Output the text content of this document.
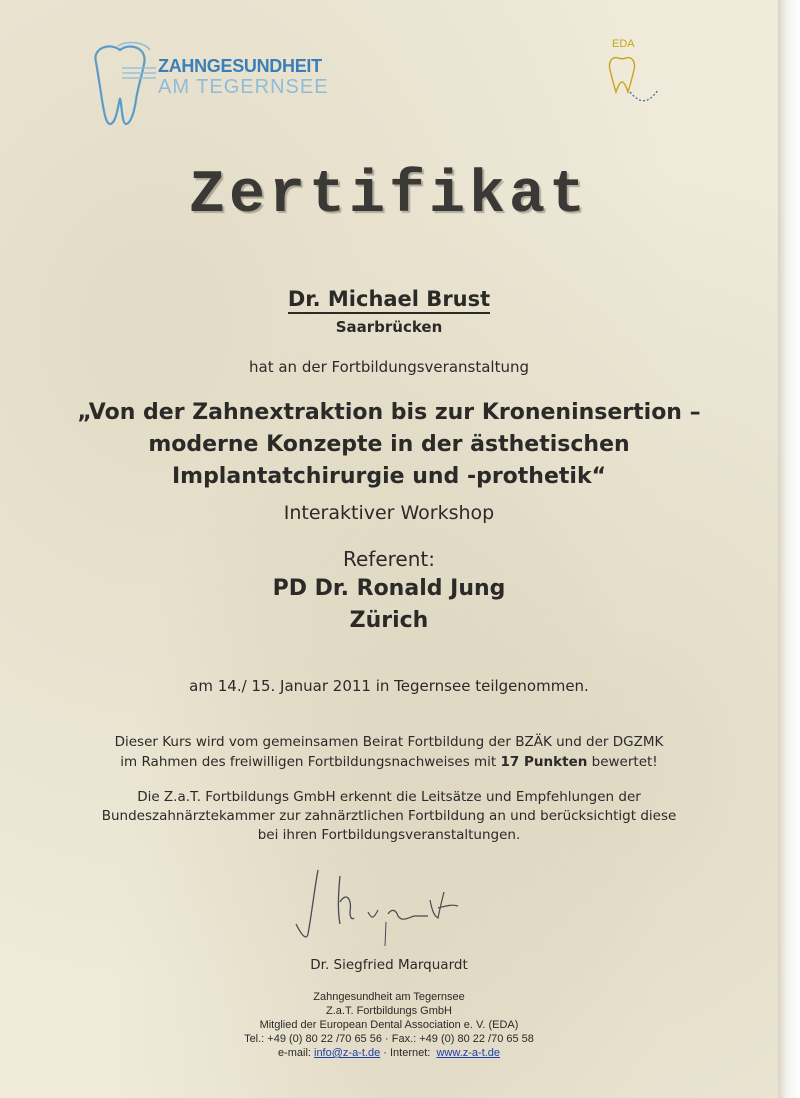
ZAHNGESUNDHEIT
AM TEGERNSEE
EDA
Zertifikat
Dr. Michael Brust
Saarbrücken
hat an der Fortbildungsveranstaltung
„Von der Zahnextraktion bis zur Kroneninsertion –
moderne Konzepte in der ästhetischen
Implantatchirurgie und -prothetik“
Interaktiver Workshop
Referent:
PD Dr. Ronald Jung
Zürich
am 14./ 15. Januar 2011 in Tegernsee teilgenommen.
Dieser Kurs wird vom gemeinsamen Beirat Fortbildung der BZÄK und der DGZMK
im Rahmen des freiwilligen Fortbildungsnachweises mit 17 Punkten bewertet!
Die Z.a.T. Fortbildungs GmbH erkennt die Leitsätze und Empfehlungen der
Bundeszahnärztekammer zur zahnärztlichen Fortbildung an und berücksichtigt diese
bei ihren Fortbildungsveranstaltungen.
Dr. Siegfried Marquardt
Zahngesundheit am Tegernsee
Z.a.T. Fortbildungs GmbH
Mitglied der European Dental Association e. V. (EDA)
Tel.: +49 (0) 80 22 /70 65 56 · Fax.: +49 (0) 80 22 /70 65 58
e-mail: info@z-a-t.de · Internet:  www.z-a-t.de
